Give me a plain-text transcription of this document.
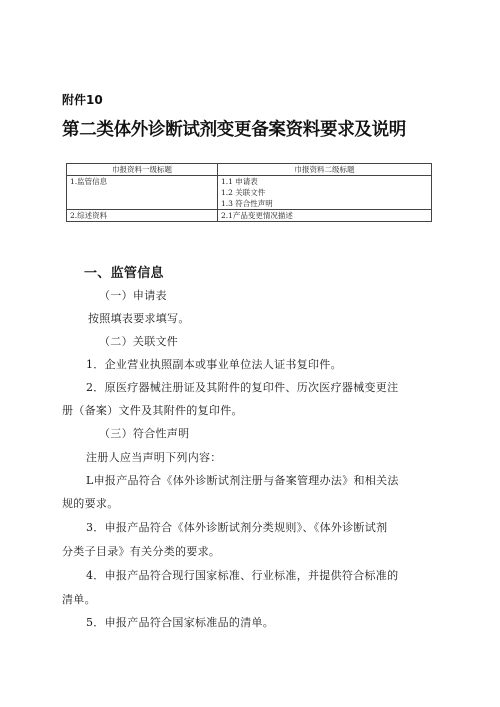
附件10
第二类体外诊断试剂变更备案资料要求及说明
巾报资料一级标题	巾报资料二级标题
1.监管信息	1.1 申请表
1.2 关联文件
1.3 符合性声明

2.综述资料	2.1产品变更情况描述
一、监管信息
（一）申请表
按照填表要求填写。
（二）关联文件
1．企业营业执照副本或事业单位法人证书复印件。
2．原医疗器械注册证及其附件的复印件、历次医疗器械变更注
册（备案）文件及其附件的复印件。
（三）符合性声明
注册人应当声明下列内容：
L申报产品符合《体外诊断试剂注册与备案管理办法》和相关法
规的要求。
3．申报产品符合《体外诊断试剂分类规则》、《体外诊断试剂
分类子目录》有关分类的要求。
4．申报产品符合现行国家标准、行业标准，并提供符合标准的
清单。
5．申报产品符合国家标准品的清单。
